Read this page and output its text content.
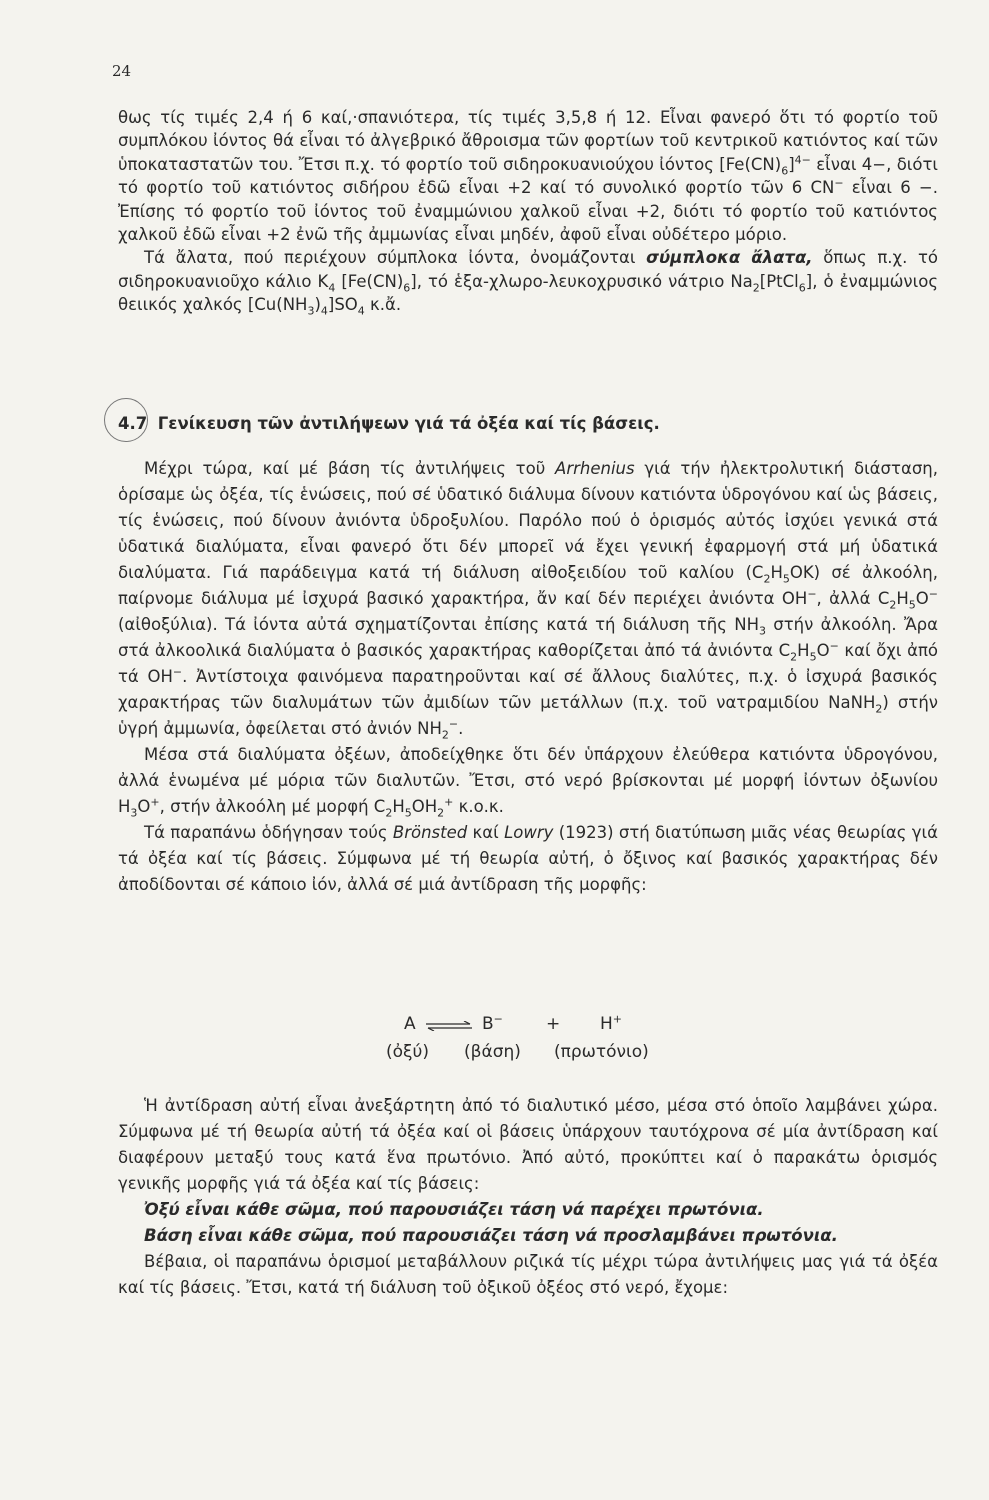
24

θως τίς τιμές 2,4 ή 6 καί,·σπανιότερα, τίς τιμές 3,5,8 ή 12. Εἶναι φανερό ὅτι τό φορτίο τοῦ συμπλόκου ἰόντος θά εἶναι τό ἀλγεβρικό ἄθροισμα τῶν φορτίων τοῦ κεντρικοῦ κατιόντος καί τῶν ὑποκαταστατῶν του. Ἔτσι π.χ. τό φορτίο τοῦ σιδηροκυανιούχου ἰόντος $[Fe(CN)_6]^{4-}$ εἶναι 4−, διότι τό φορτίο τοῦ κατιόντος σιδήρου ἐδῶ εἶναι +2 καί τό συνολικό φορτίο τῶν 6 CN− εἶναι 6 −. Ἐπίσης τό φορτίο τοῦ ἰόντος τοῦ ἐναμμώνιου χαλκοῦ εἶναι +2, διότι τό φορτίο τοῦ κατιόντος χαλκοῦ ἐδῶ εἶναι +2 ἐνῶ τῆς ἀμμωνίας εἶναι μηδέν, ἀφοῦ εἶναι οὐδέτερο μόριο.

Τά ἄλατα, πού περιέχουν σύμπλοκα ἰόντα, ὀνομάζονται σύμπλοκα ἄλατα, ὅπως π.χ. τό σιδηροκυανιοῦχο κάλιο $K_4$ $[Fe(CN)_6]$, τό ἑξα-χλωρο-λευκοχρυσικό νάτριο $Na_2[PtCl_6]$, ὁ ἐναμμώνιος θειικός χαλκός $[Cu(NH_3)_4]SO_4$ κ.ἄ.

4.7 Γενίκευση τῶν ἀντιλήψεων γιά τά ὀξέα καί τίς βάσεις.

Μέχρι τώρα, καί μέ βάση τίς ἀντιλήψεις τοῦ Arrhenius γιά τήν ἠλεκτρολυτική διάσταση, ὁρίσαμε ὡς ὀξέα, τίς ἑνώσεις, πού σέ ὑδατικό διάλυμα δίνουν κατιόντα ὑδρογόνου καί ὡς βάσεις, τίς ἑνώσεις, πού δίνουν ἀνιόντα ὑδροξυλίου. Παρόλο πού ὁ ὁρισμός αὐτός ἰσχύει γενικά στά ὑδατικά διαλύματα, εἶναι φανερό ὅτι δέν μπορεῖ νά ἔχει γενική ἐφαρμογή στά μή ὑδατικά διαλύματα. Γιά παράδειγμα κατά τή διάλυση αἰθοξειδίου τοῦ καλίου $(C_2H_5OK)$ σέ ἀλκοόλη, παίρνομε διάλυμα μέ ἰσχυρά βασικό χαρακτήρα, ἄν καί δέν περιέχει ἀνιόντα OH−, ἀλλά $C_2H_5O^-$ (αἰθοξύλια). Τά ἰόντα αὐτά σχηματίζονται ἐπίσης κατά τή διάλυση τῆς $NH_3$ στήν ἀλκοόλη. Ἄρα στά ἀλκοολικά διαλύματα ὁ βασικός χαρακτήρας καθορίζεται ἀπό τά ἀνιόντα $C_2H_5O^-$ καί ὄχι ἀπό τά OH−. Ἀντίστοιχα φαινόμενα παρατηροῦνται καί σέ ἄλλους διαλύτες, π.χ. ὁ ἰσχυρά βασικός χαρακτήρας τῶν διαλυμάτων τῶν ἀμιδίων τῶν μετάλλων (π.χ. τοῦ νατραμιδίου NaNH$_2$) στήν ὑγρή ἀμμωνία, ὀφείλεται στό ἀνιόν $NH_2^-$.

Μέσα στά διαλύματα ὀξέων, ἀποδείχθηκε ὅτι δέν ὑπάρχουν ἐλεύθερα κατιόντα ὑδρογόνου, ἀλλά ἑνωμένα μέ μόρια τῶν διαλυτῶν. Ἔτσι, στό νερό βρίσκονται μέ μορφή ἰόντων ὀξωνίου $H_3O^+$, στήν ἀλκοόλη μέ μορφή $C_2H_5OH_2^+$ κ.ο.κ.

Τά παραπάνω ὁδήγησαν τούς Brönsted καί Lowry (1923) στή διατύπωση μιᾶς νέας θεωρίας γιά τά ὀξέα καί τίς βάσεις. Σύμφωνα μέ τή θεωρία αὐτή, ὁ ὄξινος καί βασικός χαρακτήρας δέν ἀποδίδονται σέ κάποιο ἰόν, ἀλλά σέ μιά ἀντίδραση τῆς μορφῆς:

A ⇌ B−	+ H+
(ὀξύ) (βάση) (πρωτόνιο)

Ἡ ἀντίδραση αὐτή εἶναι ἀνεξάρτητη ἀπό τό διαλυτικό μέσο, μέσα στό ὁποῖο λαμβάνει χώρα. Σύμφωνα μέ τή θεωρία αὐτή τά ὀξέα καί οἱ βάσεις ὑπάρχουν ταυτόχρονα σέ μία ἀντίδραση καί διαφέρουν μεταξύ τους κατά ἕνα πρωτόνιο. Ἀπό αὐτό, προκύπτει καί ὁ παρακάτω ὁρισμός γενικῆς μορφῆς γιά τά ὀξέα καί τίς βάσεις:

Ὀξύ εἶναι κάθε σῶμα, πού παρουσιάζει τάση νά παρέχει πρωτόνια.

Βάση εἶναι κάθε σῶμα, πού παρουσιάζει τάση νά προσλαμβάνει πρωτόνια.

Βέβαια, οἱ παραπάνω ὁρισμοί μεταβάλλουν ριζικά τίς μέχρι τώρα ἀντιλήψεις μας γιά τά ὀξέα καί τίς βάσεις. Ἔτσι, κατά τή διάλυση τοῦ ὀξικοῦ ὀξέος στό νερό, ἔχομε:
